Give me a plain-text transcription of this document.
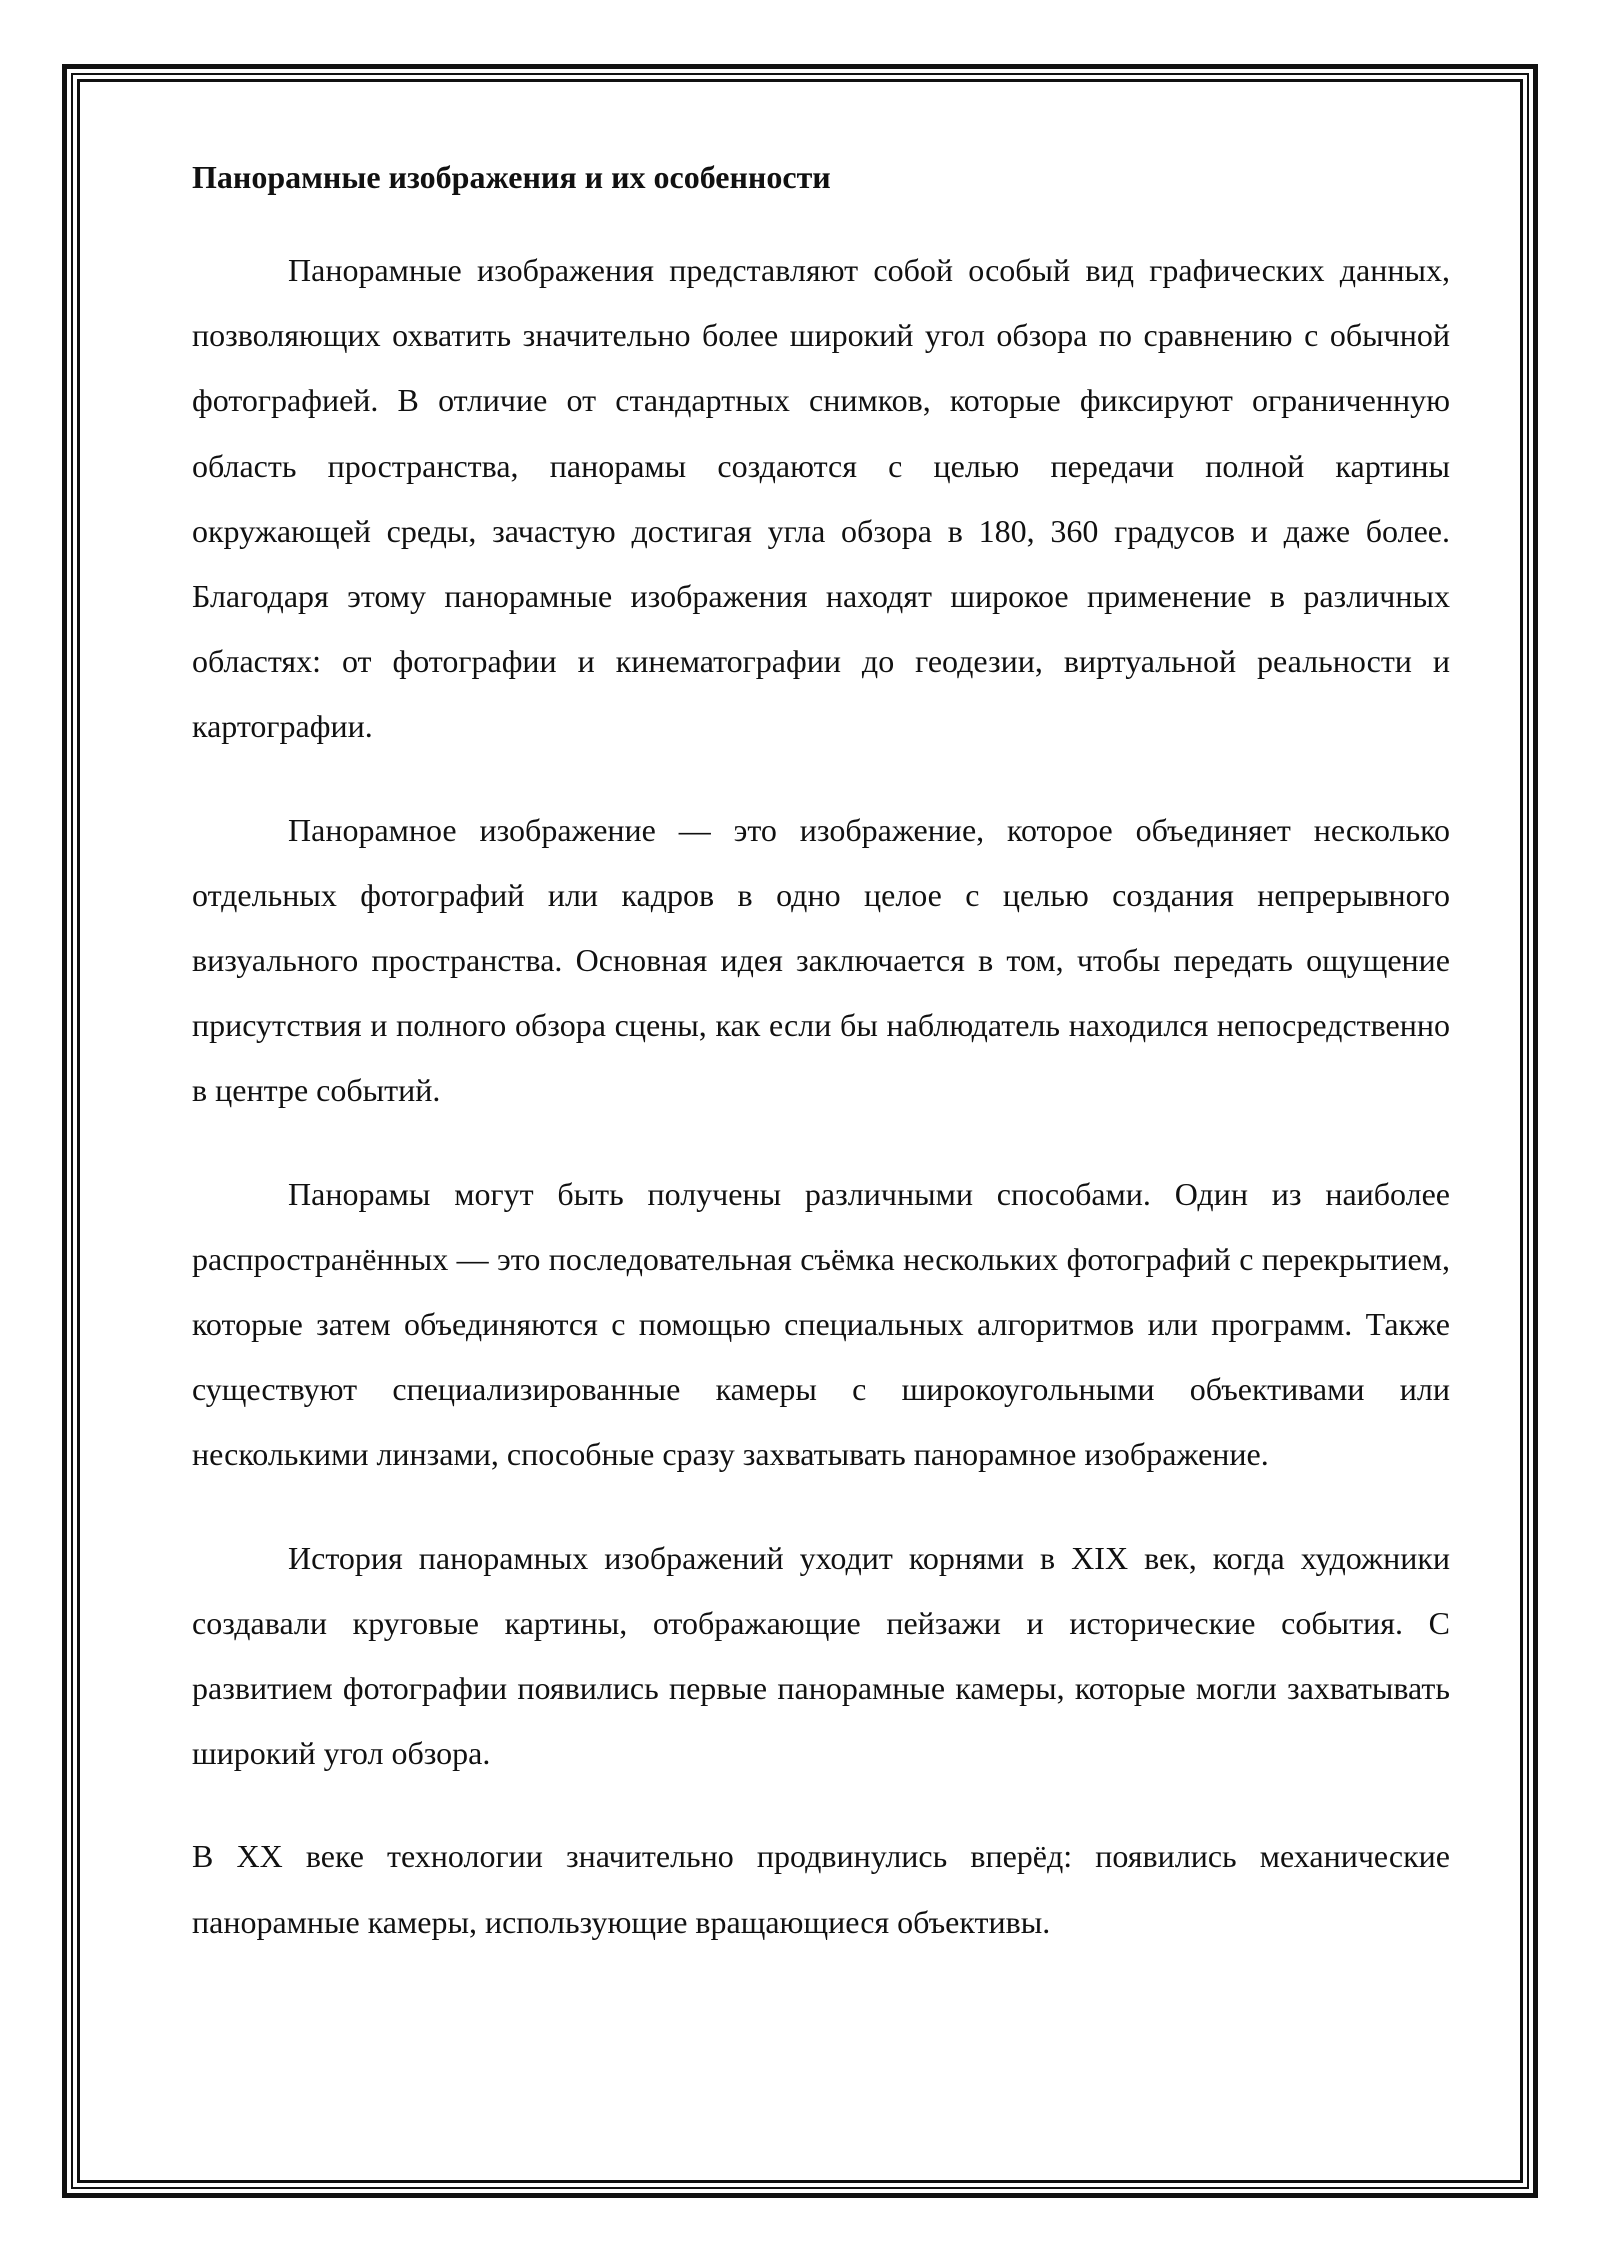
Панорамные изображения и их особенности

Панорамные изображения представляют собой особый вид графических данных, позволяющих охватить значительно более широкий угол обзора по сравнению с обычной фотографией. В отличие от стандартных снимков, которые фиксируют ограниченную область пространства, панорамы создаются с целью передачи полной картины окружающей среды, зачастую достигая угла обзора в 180, 360 градусов и даже более. Благодаря этому панорамные изображения находят широкое применение в различных областях: от фотографии и кинематографии до геодезии, виртуальной реальности и картографии.

Панорамное изображение — это изображение, которое объединяет несколько отдельных фотографий или кадров в одно целое с целью создания непрерывного визуального пространства. Основная идея заключается в том, чтобы передать ощущение присутствия и полного обзора сцены, как если бы наблюдатель находился непосредственно в центре событий.

Панорамы могут быть получены различными способами. Один из наиболее распространённых — это последовательная съёмка нескольких фотографий с перекрытием, которые затем объединяются с помощью специальных алгоритмов или программ. Также существуют специализированные камеры с широкоугольными объективами или несколькими линзами, способные сразу захватывать панорамное изображение.

История панорамных изображений уходит корнями в XIX век, когда художники создавали круговые картины, отображающие пейзажи и исторические события. С развитием фотографии появились первые панорамные камеры, которые могли захватывать широкий угол обзора.

В XX веке технологии значительно продвинулись вперёд: появились механические панорамные камеры, использующие вращающиеся объективы.
